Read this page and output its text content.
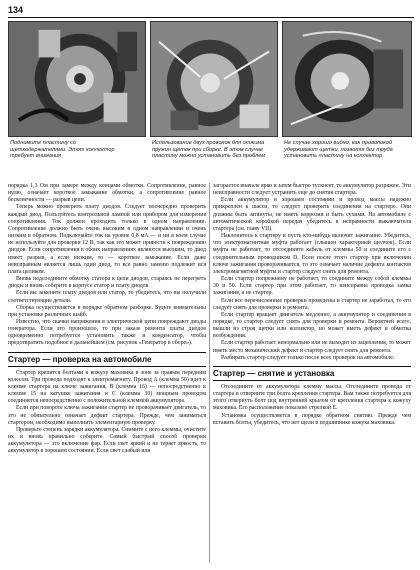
134
Поднимите пластину со щеткодержателями. Этот коллектор требует внимания
Использование двух проволок для отжима пружин щеток при сборке. В этом случае пластину можно установить без проблем
Не случае хорошо видно, как проволокой удерживают щетки, позволяя без труда установить пластину на коллектор

порядка 1,3 Ом при замере между концами обмотки. Сопротивление, равное нулю, означает короткое замыкание обмотки, а сопротивление равное бесконечности — разрыв цепи.

Теперь можно проверить плату диодов. Следует поочередно проверить каждый диод. Пользуйтесь контрольной лампой или прибором для измерения сопротивления. Ток должен проходить только в одном направлении. Сопротивление должно быть очень высоким в одном направлении и очень низким в обратном. Подключайте ток на уровне 0,8 мА — и ни в коем случае не используйте для проверки 12 В, так как это может привести к повреждению диодов. Если сопротивления в обоих направлениях являются высоким, то диод имеет разрыв, а если низким, то — короткое замыкание. Если даже неисправным является лишь один диод, то все равно заменю подлежит вся плата целиком.

Вновь подсоедините обмотку статора к цепи диодов, стараясь не перегреть диоды и вновь соберите в корпусе статор и плату диодов.

Если вы замените плату диодов или статор, то убедитесь, что вы получили соответствующие детали.

Сборка осуществляется в порядке обратном разборке. Будьте внимательны при установке различных шайб.

Известно, что скачки напряжения в электрической цепи повреждают диоды генератора. Если это произошло, то при заказе ремонта платы диодов одновременно потребуется установить также и конденсатор, чтобы предотвратить подобное в дальнейшем (см. рисунок «Генератор в сборе»).

Стартер — проверка на автомобиле

Стартер крепится болтами к кожуху маховика в зоне за правым передним колесом. Три провода подходят к электромагниту. Провод А (клемма 50) идет к клемме стартера на ключе зажигания, В (клемма 16) — непосредственно к клемме 15 на катушке зажигания и С (клемма 30) мощным проводом соединяется непосредственно с положительной клеммой аккумулятора.

Если при повороте ключа зажигания стартер не проворачивает двигатель, то это не обязательно означает дефект стартера. Прежде, чем заниматься стартером, необходимо выполнить элементарную проверку.

Проверьте степень зарядки аккумулятора. Снимите с него клеммы, очистите их и вновь правильно соберите. Самый быстрый способ проверки аккумулятора — это включение фар. Если свет яркий и не теряет яркость, то аккумулятор в хорошем состоянии. Если свет слабый или

загорается вначале ярко и затем быстро тускнеет, то аккумулятор разряжен. Эти неисправности следует устранить еще до снятия стартера.

Если аккумулятор в хорошем состоянии и провод массы надежно прикреплен к шасси, то следует проверить соединения на стартере. Они должны быть затянуты, не иметь коррозии и быть сухими. На автомобиле с автоматической коробкой передач убедитесь в исправности выключателя стартера (см. главу VII).

Наклонитесь к стартеру и пусть кто-нибудь включит зажигание. Убедитесь, что электромагнитная муфта работает (слышен характерный щелчок). Если муфта не работает, то отсоедините кабель от клеммы 50 и соедините его с соединительным проводником D. Если после этого стартер при включении ключе зажигания проворачивается, то это означает наличие дефекта контактов электромагнитной муфты и стартер следует снять для ремонта.

Если стартер попрежнему не работает, то соедините между собой клеммы 30 и 50. Если стартер при этом работает, то неисправна проводка замка зажигания, а не стартер.

Если все перечисленные проверки проведены и стартер не заработал, то его следует снять для проверки и ремонта.

Если стартер вращает двигатель медленно, а аккумулятор и соединения в порядке, то стартер следует снять для проверки и ремонта. Вероятней всего, вышли из строя щетки или коллектор, но может иметь дефект и обмотка возбуждения.

Если стартер работает ненормально или не выходит из зацепления, то может иметь место механический дефект и стартер следует снять для ремонта.

Разбирать стартер следует только после всех проверок на автомобиле.

Стартер — снятие и установка

Отсоедините от аккумулятора клемму массы. Отсоедините провода от стартера и отверните три болта крепления стартера. Вам также потребуется для этого отвернуть болт под внутренней крылом от крепления стартера к кожуху маховика. Его расположение показано стрелкой E.

Установка осуществляется в порядке обратном снятию. Прежде чем вставить болты, убедитесь, что нет щели в подшипнике кожуха маховика.
